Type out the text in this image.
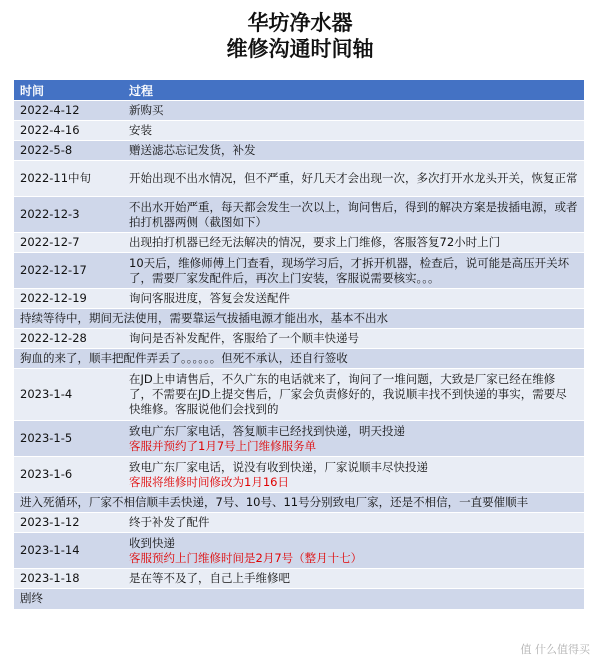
华坊净水器
维修沟通时间轴
时间	过程
2022-4-12	新购买
2022-4-16	安装
2022-5-8	赠送滤芯忘记发货，补发
2022-11中旬	开始出现不出水情况，但不严重，好几天才会出现一次，多次打开水龙头开关，恢复正常
2022-12-3	不出水开始严重，每天都会发生一次以上，询问售后，得到的解决方案是拔插电源，或者拍打机器两侧（截图如下）
2022-12-7	出现拍打机器已经无法解决的情况，要求上门维修，客服答复72小时上门
2022-12-17	10天后，维修师傅上门查看，现场学习后，才拆开机器，检查后，说可能是高压开关坏了，需要厂家发配件后，再次上门安装，客服说需要核实。。。
2022-12-19	询问客服进度，答复会发送配件
持续等待中，期间无法使用，需要靠运气拔插电源才能出水，基本不出水	
2022-12-28	询问是否补发配件，客服给了一个顺丰快递号
狗血的来了，顺丰把配件弄丢了。。。。。。但死不承认，还自行签收	
2023-1-4	在JD上申请售后，不久广东的电话就来了，询问了一堆问题，大致是厂家已经在维修了，不需要在JD上提交售后，厂家会负责修好的，我说顺丰找不到快递的事实，需要尽快维修。客服说他们会找到的
2023-1-5	致电广东厂家电话，答复顺丰已经找到快递，明天投递
客服并预约了1月7号上门维修服务单

2023-1-6	致电广东厂家电话，说没有收到快递，厂家说顺丰尽快投递
客服将维修时间修改为1月16日

进入死循环，厂家不相信顺丰丢快递，7号、10号、11号分别致电厂家，还是不相信，一直要催顺丰	
2023-1-12	终于补发了配件
2023-1-14	收到快递
客服预约上门维修时间是2月7号（整月十七）

2023-1-18	是在等不及了，自己上手维修吧
剧终	
值 什么值得买
